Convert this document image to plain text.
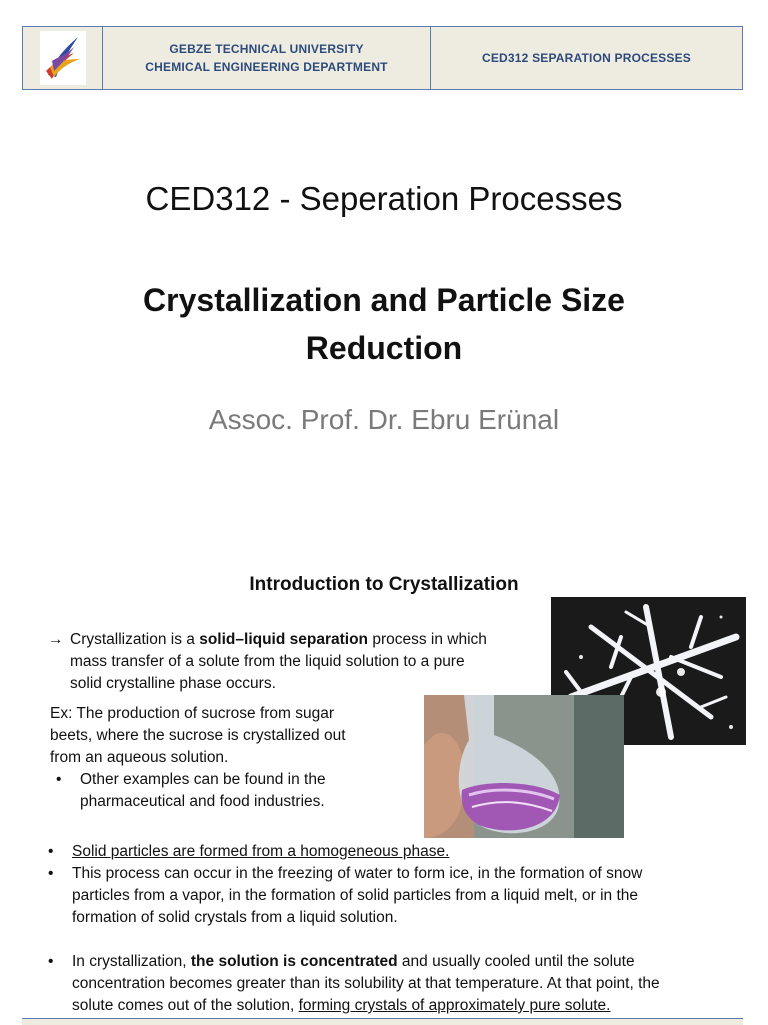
GEBZE TECHNICAL UNIVERSITY
CHEMICAL ENGINEERING DEPARTMENT
CED312 SEPARATION PROCESSES
CED312 - Seperation Processes
Crystallization and Particle Size
Reduction
Assoc. Prof. Dr. Ebru Erünal
Introduction to Crystallization
→ Crystallization is a solid–liquid separation process in which
mass transfer of a solute from the liquid solution to a pure
solid crystalline phase occurs.
Ex: The production of sucrose from sugar
beets, where the sucrose is crystallized out
from an aqueous solution.
•	Other examples can be found in the
pharmaceutical and food industries.
•	Solid particles are formed from a homogeneous phase.
•	This process can occur in the freezing of water to form ice, in the formation of snow
particles from a vapor, in the formation of solid particles from a liquid melt, or in the
formation of solid crystals from a liquid solution.
•	In crystallization, the solution is concentrated and usually cooled until the solute
concentration becomes greater than its solubility at that temperature. At that point, the
solute comes out of the solution, forming crystals of approximately pure solute.
